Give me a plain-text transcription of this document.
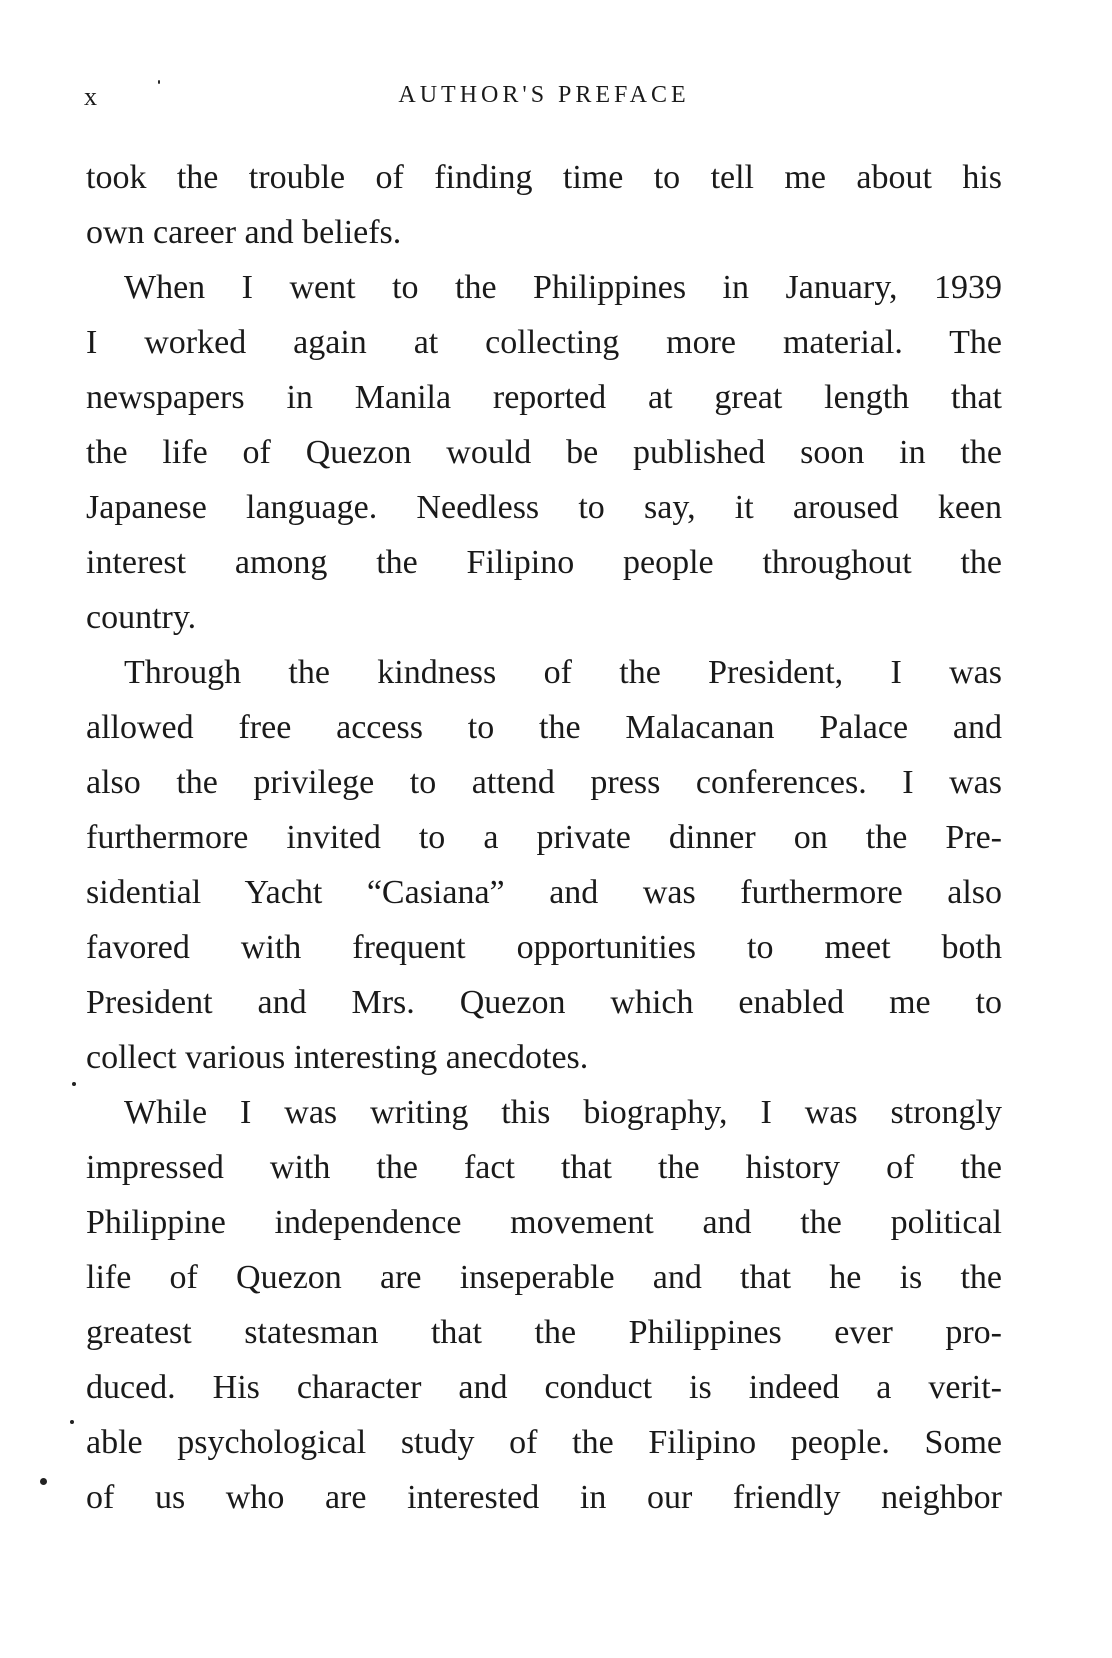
x	AUTHOR'S PREFACE
took the trouble of finding time to tell me about his
own career and beliefs.
When I went to the Philippines in January, 1939
I worked again at collecting more material. The
newspapers in Manila reported at great length that
the life of Quezon would be published soon in the
Japanese language. Needless to say, it aroused keen
interest among the Filipino people throughout the
country.
Through the kindness of the President, I was
allowed free access to the Malacanan Palace and
also the privilege to attend press conferences. I was
furthermore invited to a private dinner on the Pre-
sidential Yacht “Casiana” and was furthermore also
favored with frequent opportunities to meet both
President and Mrs. Quezon which enabled me to
collect various interesting anecdotes.
While I was writing this biography, I was strongly
impressed with the fact that the history of the
Philippine independence movement and the political
life of Quezon are inseperable and that he is the
greatest statesman that the Philippines ever pro-
duced. His character and conduct is indeed a verit-
able psychological study of the Filipino people. Some
of us who are interested in our friendly neighbor
